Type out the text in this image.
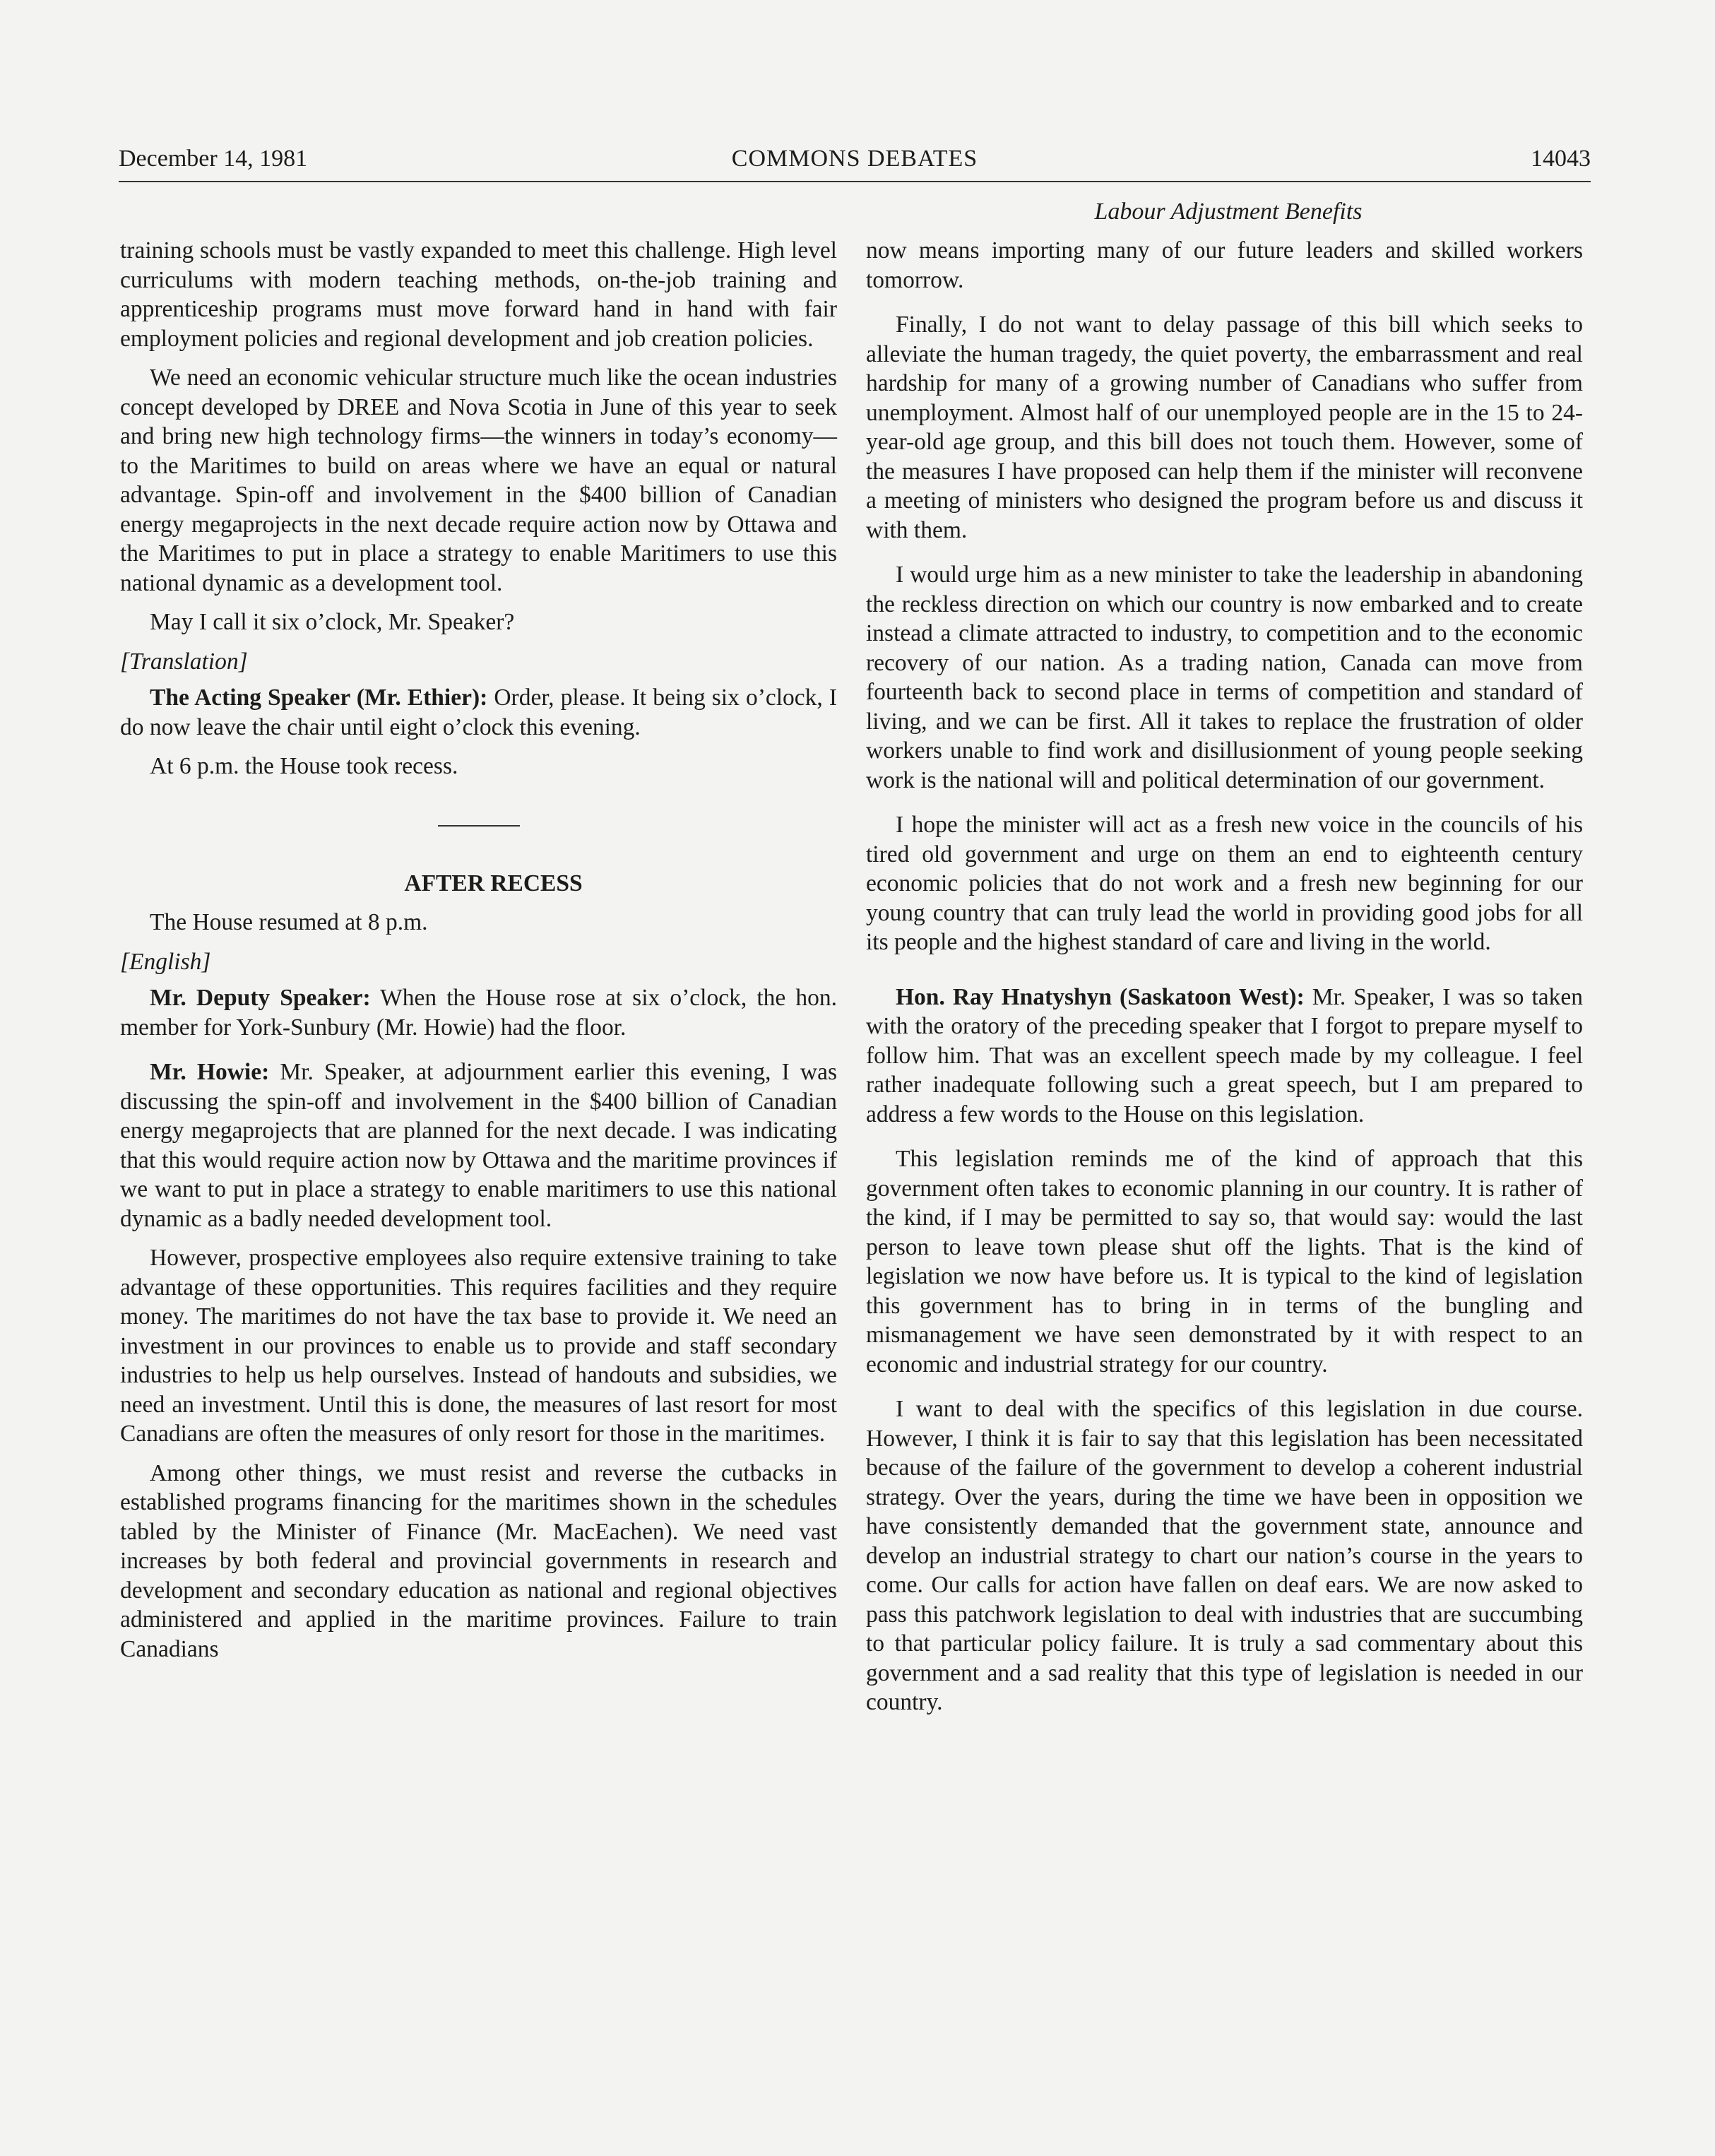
December 14, 1981	COMMONS DEBATES	14043
Labour Adjustment Benefits

training schools must be vastly expanded to meet this challenge. High level curriculums with modern teaching methods, on-the-job training and apprenticeship programs must move forward hand in hand with fair employment policies and regional development and job creation policies.

We need an economic vehicular structure much like the ocean industries concept developed by DREE and Nova Scotia in June of this year to seek and bring new high technology firms—the winners in today’s economy—to the Maritimes to build on areas where we have an equal or natural advantage. Spin-off and involvement in the $400 billion of Canadian energy megaprojects in the next decade require action now by Ottawa and the Maritimes to put in place a strategy to enable Maritimers to use this national dynamic as a development tool.

May I call it six o’clock, Mr. Speaker?

[Translation]

The Acting Speaker (Mr. Ethier): Order, please. It being six o’clock, I do now leave the chair until eight o’clock this evening.

At 6 p.m. the House took recess.

AFTER RECESS

The House resumed at 8 p.m.

[English]

Mr. Deputy Speaker: When the House rose at six o’clock, the hon. member for York-Sunbury (Mr. Howie) had the floor.

Mr. Howie: Mr. Speaker, at adjournment earlier this evening, I was discussing the spin-off and involvement in the $400 billion of Canadian energy megaprojects that are planned for the next decade. I was indicating that this would require action now by Ottawa and the maritime provinces if we want to put in place a strategy to enable maritimers to use this national dynamic as a badly needed development tool.

However, prospective employees also require extensive training to take advantage of these opportunities. This requires facilities and they require money. The maritimes do not have the tax base to provide it. We need an investment in our provinces to enable us to provide and staff secondary industries to help us help ourselves. Instead of handouts and subsidies, we need an investment. Until this is done, the measures of last resort for most Canadians are often the measures of only resort for those in the maritimes.

Among other things, we must resist and reverse the cutbacks in established programs financing for the maritimes shown in the schedules tabled by the Minister of Finance (Mr. MacEachen). We need vast increases by both federal and provincial governments in research and development and secondary education as national and regional objectives administered and applied in the maritime provinces. Failure to train Canadians

now means importing many of our future leaders and skilled workers tomorrow.

Finally, I do not want to delay passage of this bill which seeks to alleviate the human tragedy, the quiet poverty, the embarrassment and real hardship for many of a growing number of Canadians who suffer from unemployment. Almost half of our unemployed people are in the 15 to 24-year-old age group, and this bill does not touch them. However, some of the measures I have proposed can help them if the minister will reconvene a meeting of ministers who designed the program before us and discuss it with them.

I would urge him as a new minister to take the leadership in abandoning the reckless direction on which our country is now embarked and to create instead a climate attracted to industry, to competition and to the economic recovery of our nation. As a trading nation, Canada can move from fourteenth back to second place in terms of competition and standard of living, and we can be first. All it takes to replace the frustration of older workers unable to find work and disillusionment of young people seeking work is the national will and political determination of our government.

I hope the minister will act as a fresh new voice in the councils of his tired old government and urge on them an end to eighteenth century economic policies that do not work and a fresh new beginning for our young country that can truly lead the world in providing good jobs for all its people and the highest standard of care and living in the world.

Hon. Ray Hnatyshyn (Saskatoon West): Mr. Speaker, I was so taken with the oratory of the preceding speaker that I forgot to prepare myself to follow him. That was an excellent speech made by my colleague. I feel rather inadequate following such a great speech, but I am prepared to address a few words to the House on this legislation.

This legislation reminds me of the kind of approach that this government often takes to economic planning in our country. It is rather of the kind, if I may be permitted to say so, that would say: would the last person to leave town please shut off the lights. That is the kind of legislation we now have before us. It is typical to the kind of legislation this government has to bring in in terms of the bungling and mismanagement we have seen demonstrated by it with respect to an economic and industrial strategy for our country.

I want to deal with the specifics of this legislation in due course. However, I think it is fair to say that this legislation has been necessitated because of the failure of the government to develop a coherent industrial strategy. Over the years, during the time we have been in opposition we have consistently demanded that the government state, announce and develop an industrial strategy to chart our nation’s course in the years to come. Our calls for action have fallen on deaf ears. We are now asked to pass this patchwork legislation to deal with industries that are succumbing to that particular policy failure. It is truly a sad commentary about this government and a sad reality that this type of legislation is needed in our country.
